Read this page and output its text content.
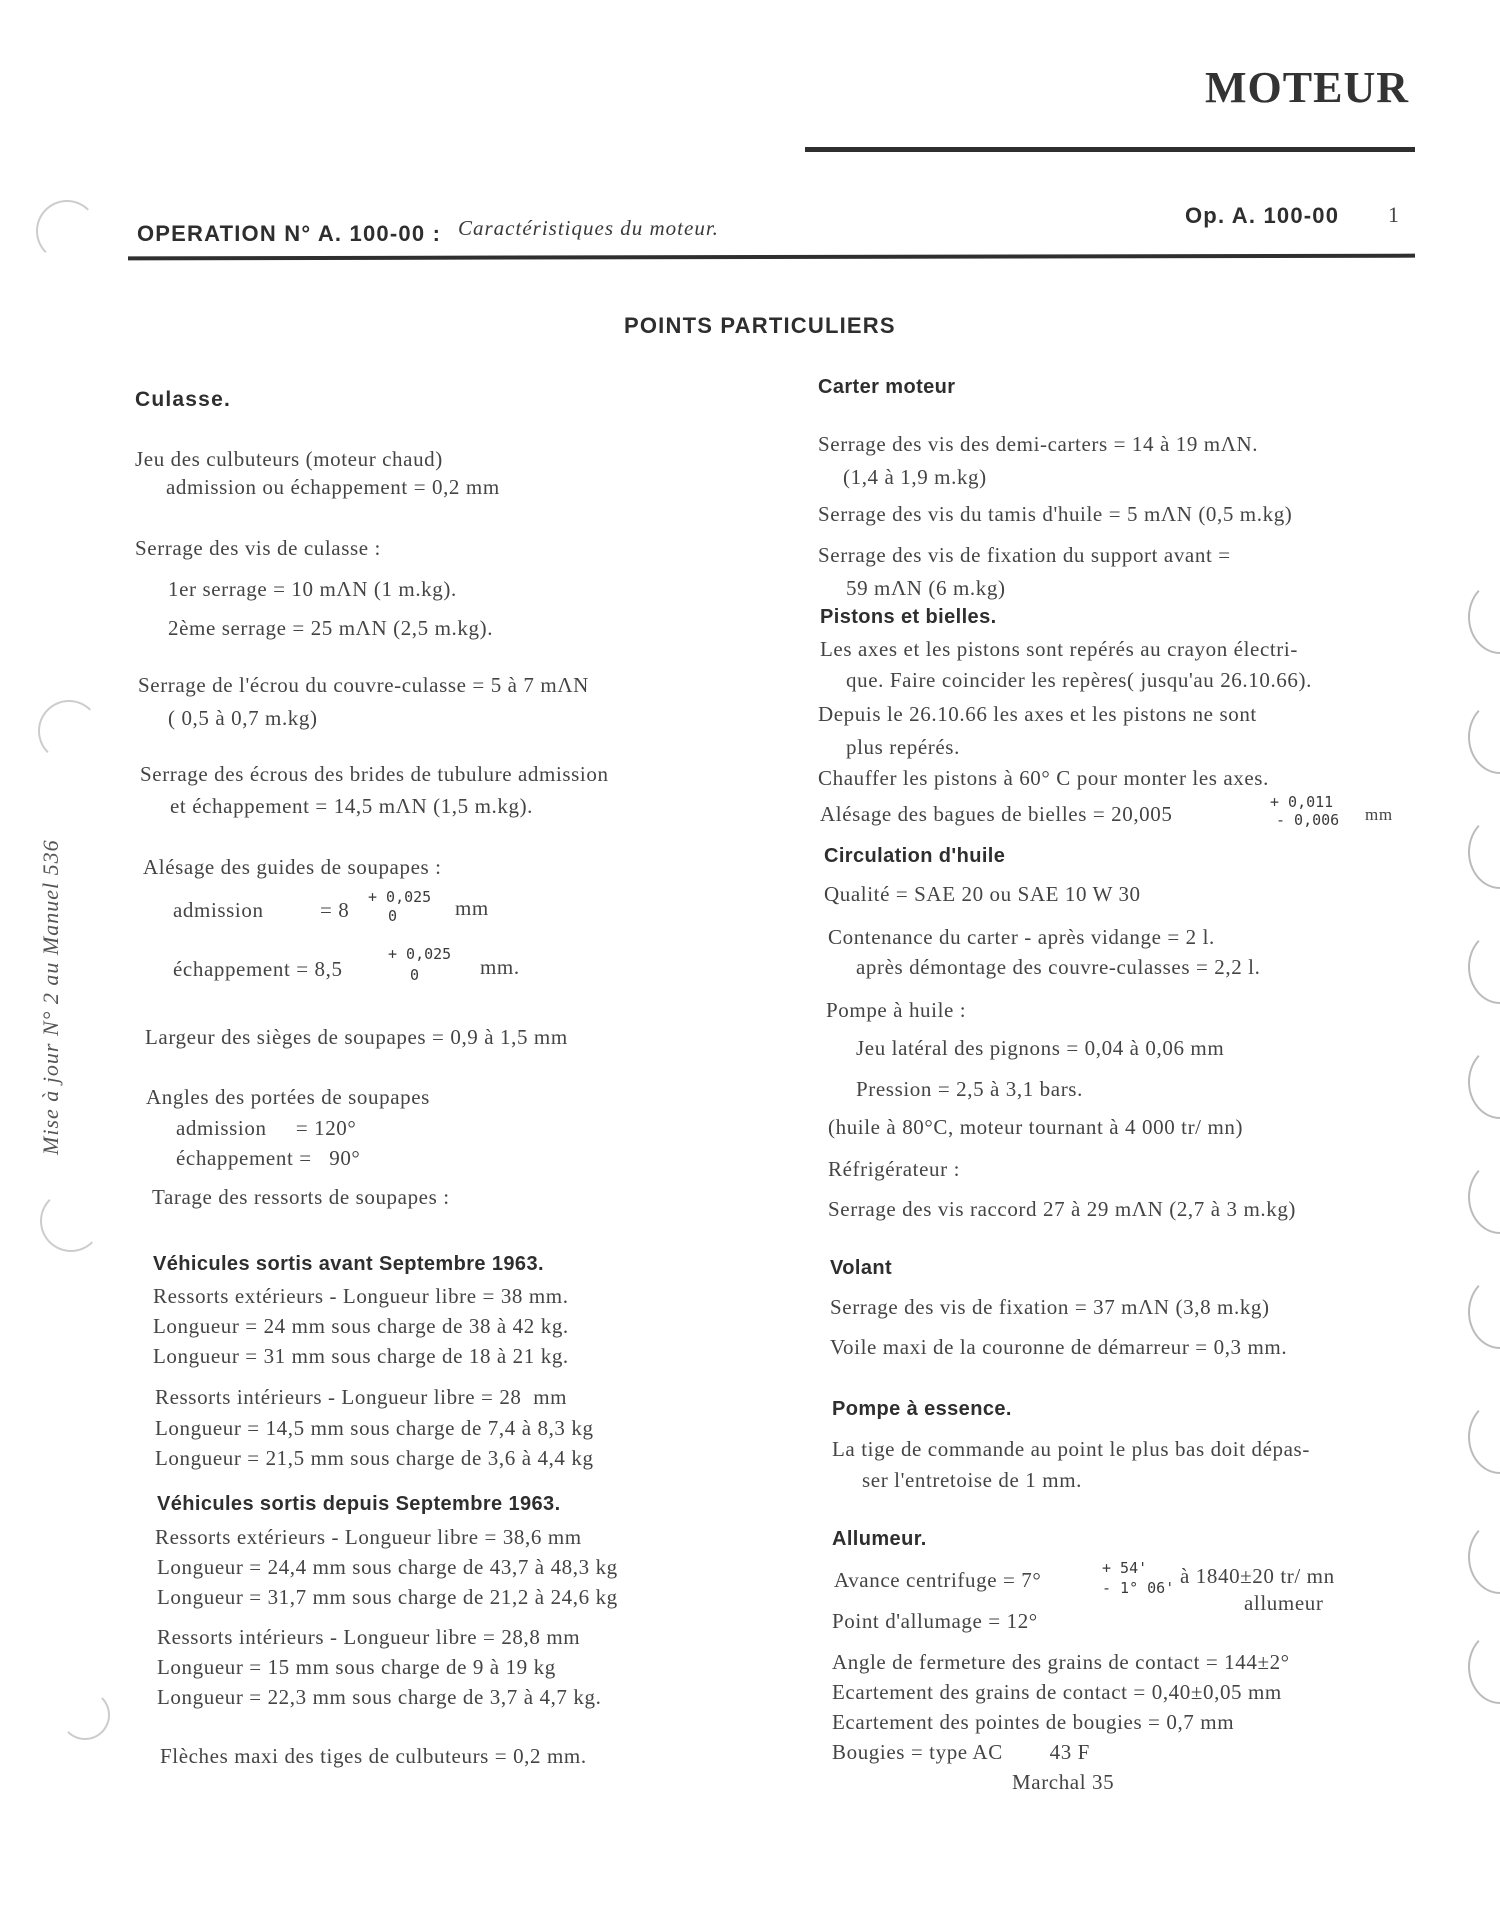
MOTEUR
OPERATION N° A. 100-00 : Caractéristiques du moteur.	Op. A. 100-00 1
POINTS PARTICULIERS
Mise à jour N° 2 au Manuel 536
Culasse.
Jeu des culbuteurs (moteur chaud)
admission ou échappement = 0,2 mm
Serrage des vis de culasse :
1er serrage = 10 mΛN (1 m.kg).
2ème serrage = 25 mΛN (2,5 m.kg).
Serrage de l'écrou du couvre-culasse = 5 à 7 mΛN
( 0,5 à 0,7 m.kg)
Serrage des écrous des brides de tubulure admission
et échappement = 14,5 mΛN (1,5 m.kg).
Alésage des guides de soupapes :
admission	= 8
+ 0,025
0	mm
échappement = 8,5
+ 0,025
0	mm.
Largeur des sièges de soupapes = 0,9 à 1,5 mm
Angles des portées de soupapes
admission     = 120°
échappement =   90°
Tarage des ressorts de soupapes :
Véhicules sortis avant Septembre 1963.
Ressorts extérieurs - Longueur libre = 38 mm.
Longueur = 24 mm sous charge de 38 à 42 kg.
Longueur = 31 mm sous charge de 18 à 21 kg.
Ressorts intérieurs - Longueur libre = 28  mm
Longueur = 14,5 mm sous charge de 7,4 à 8,3 kg
Longueur = 21,5 mm sous charge de 3,6 à 4,4 kg
Véhicules sortis depuis Septembre 1963.
Ressorts extérieurs - Longueur libre = 38,6 mm
Longueur = 24,4 mm sous charge de 43,7 à 48,3 kg
Longueur = 31,7 mm sous charge de 21,2 à 24,6 kg
Ressorts intérieurs - Longueur libre = 28,8 mm
Longueur = 15 mm sous charge de 9 à 19 kg
Longueur = 22,3 mm sous charge de 3,7 à 4,7 kg.
Flèches maxi des tiges de culbuteurs = 0,2 mm.
Carter moteur
Serrage des vis des demi-carters = 14 à 19 mΛN.
(1,4 à 1,9 m.kg)
Serrage des vis du tamis d'huile = 5 mΛN (0,5 m.kg)
Serrage des vis de fixation du support avant =
59 mΛN (6 m.kg)
Pistons et bielles.
Les axes et les pistons sont repérés au crayon électri-
que. Faire coincider les repères( jusqu'au 26.10.66).
Depuis le 26.10.66 les axes et les pistons ne sont
plus repérés.
Chauffer les pistons à 60° C pour monter les axes.
Alésage des bagues de bielles = 20,005	+ 0,011
- 0,006 mm
Circulation d'huile
Qualité = SAE 20 ou SAE 10 W 30
Contenance du carter - après vidange = 2 l.
après démontage des couvre-culasses = 2,2 l.
Pompe à huile :
Jeu latéral des pignons = 0,04 à 0,06 mm
Pression = 2,5 à 3,1 bars.
(huile à 80°C, moteur tournant à 4 000 tr/ mn)
Réfrigérateur :
Serrage des vis raccord 27 à 29 mΛN (2,7 à 3 m.kg)
Volant
Serrage des vis de fixation = 37 mΛN (3,8 m.kg)
Voile maxi de la couronne de démarreur = 0,3 mm.
Pompe à essence.
La tige de commande au point le plus bas doit dépas-
ser l'entretoise de 1 mm.
Allumeur.
Avance centrifuge = 7°	+ 54'
- 1° 06' à 1840±20 tr/ mn
allumeur
Point d'allumage = 12°
Angle de fermeture des grains de contact = 144±2°
Ecartement des grains de contact = 0,40±0,05 mm
Ecartement des pointes de bougies = 0,7 mm
Bougies = type AC        43 F
Marchal 35
